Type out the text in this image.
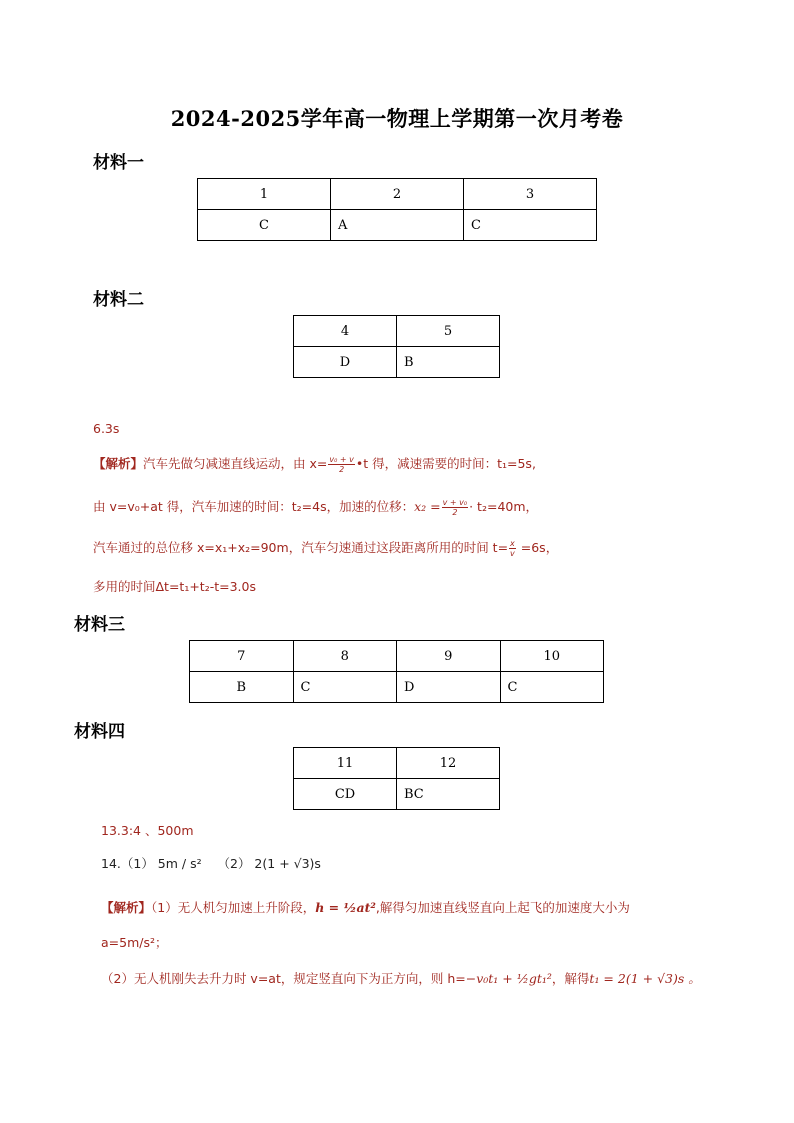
2024-2025学年高一物理上学期第一次月考卷
材料一
1	2	3
C	A	C
材料二
4	5
D	B
6.3s
【解析】汽车先做匀减速直线运动，由 $x= \frac{\text{v₀ + v}}{2}$ •t 得，减速需要的时间：t₁=5s,
由 v=v₀+at 得，汽车加速的时间：t₂=4s，加速的位移：$x_2 = \frac{\text{v + v₀}}{2} \cdot t_2=40m$，
汽车通过的总位移 x=x₁+x₂=90m，汽车匀速通过这段距离所用的时间 $t= \frac{x}{v} =6s$，
多用的时间Δt=t₁+t₂-t=3.0s
材料三
7	8	9	10
B	C	D	C
材料四
11	12
CD	BC
13.3:4 、500m
14.（1） 5m / s²    （2） 2(1 + √3)s
【解析】（1）无人机匀加速上升阶段，h = ½at²,解得匀加速直线竖直向上起飞的加速度大小为
a=5m/s²；
（2）无人机刚失去升力时 v=at，规定竖直向下为正方向，则 h=−v₀t₁ + ½gt₁²，解得t₁ = 2(1 + √3)s 。
